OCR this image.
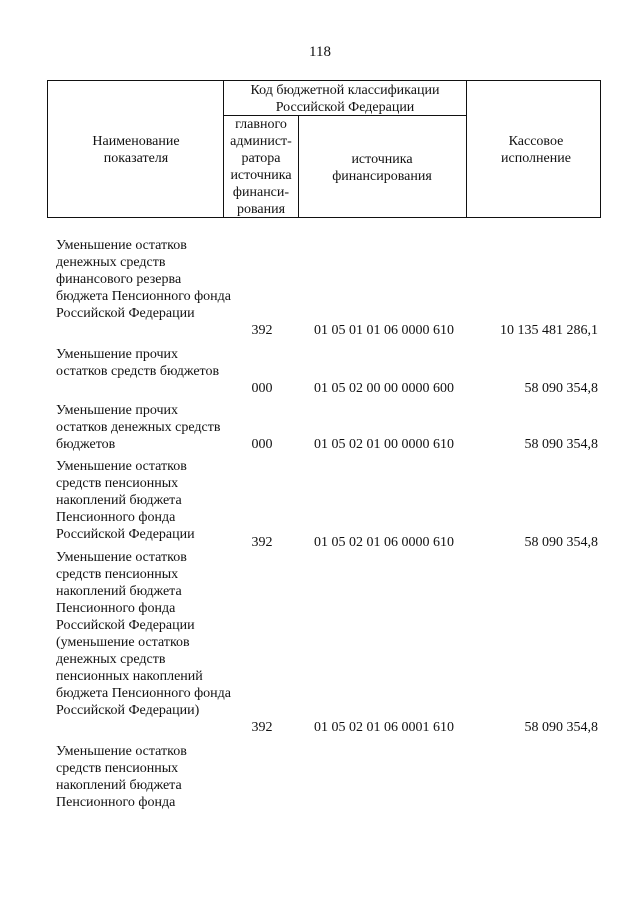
118
Наименование показателя
Код бюджетной классификации Российской Федерации
главного
админист-
ратора
источника
финанси-
рования
источника финансирования
Кассовое исполнение
Уменьшение остатков денежных средств финансового резерва бюджета Пенсионного фонда Российской Федерации
392	01 05 01 01 06 0000 610	10 135 481 286,1
Уменьшение прочих остатков средств бюджетов
000	01 05 02 00 00 0000 600	58 090 354,8
Уменьшение прочих остатков денежных средств бюджетов	000	01 05 02 01 00 0000 610	58 090 354,8
Уменьшение остатков средств пенсионных накоплений бюджета Пенсионного фонда Российской Федерации
392	01 05 02 01 06 0000 610	58 090 354,8
Уменьшение остатков средств пенсионных накоплений бюджета Пенсионного фонда Российской Федерации (уменьшение остатков денежных средств пенсионных накоплений бюджета Пенсионного фонда Российской Федерации)
392	01 05 02 01 06 0001 610	58 090 354,8
Уменьшение остатков средств пенсионных накоплений бюджета Пенсионного фонда
